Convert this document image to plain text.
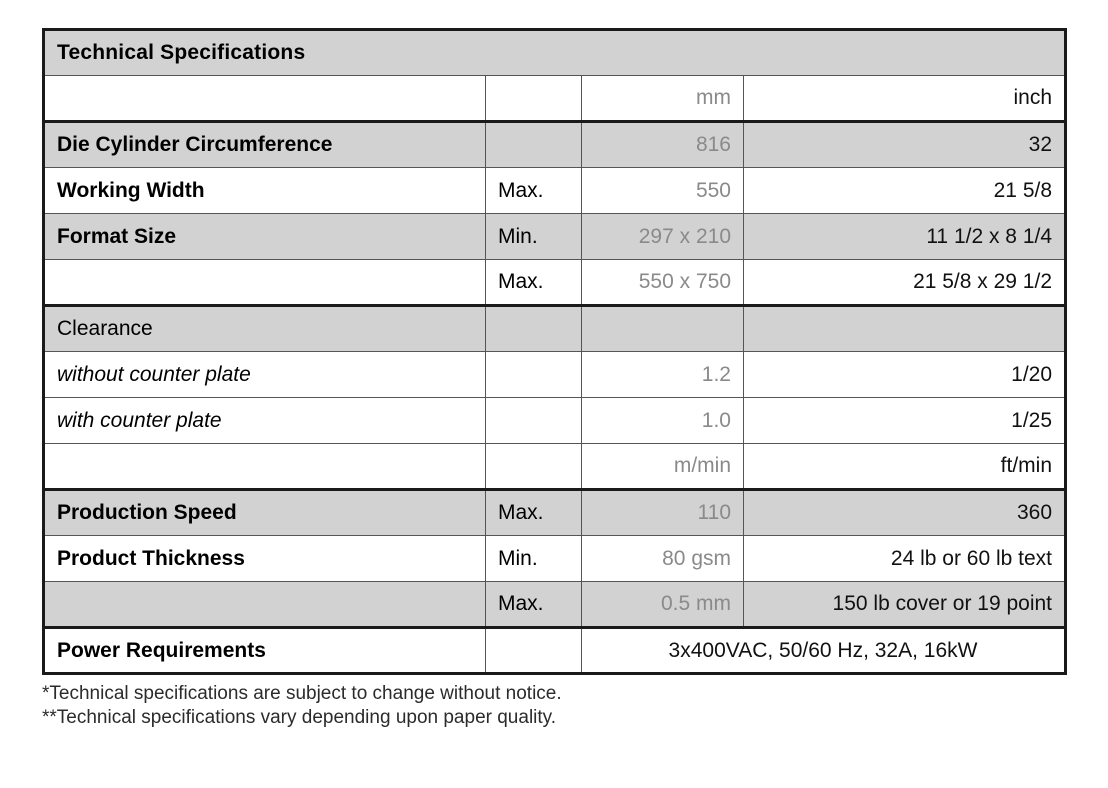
Technical Specifications			
		mm	inch
Die Cylinder Circumference		816	32
Working Width	Max.	550	21 5/8
Format Size	Min.	297 x 210	11 1/2 x 8 1/4
	Max.	550 x 750	21 5/8 x 29 1/2
Clearance			
without counter plate		1.2	1/20
with counter plate		1.0	1/25
		m/min	ft/min
Production Speed	Max.	110	360
Product Thickness	Min.	80 gsm	24 lb or 60 lb text
	Max.	0.5 mm	150 lb cover or 19 point
Power Requirements		3x400VAC, 50/60 Hz, 32A, 16kW	
*Technical specifications are subject to change without notice.
**Technical specifications vary depending upon paper quality.
